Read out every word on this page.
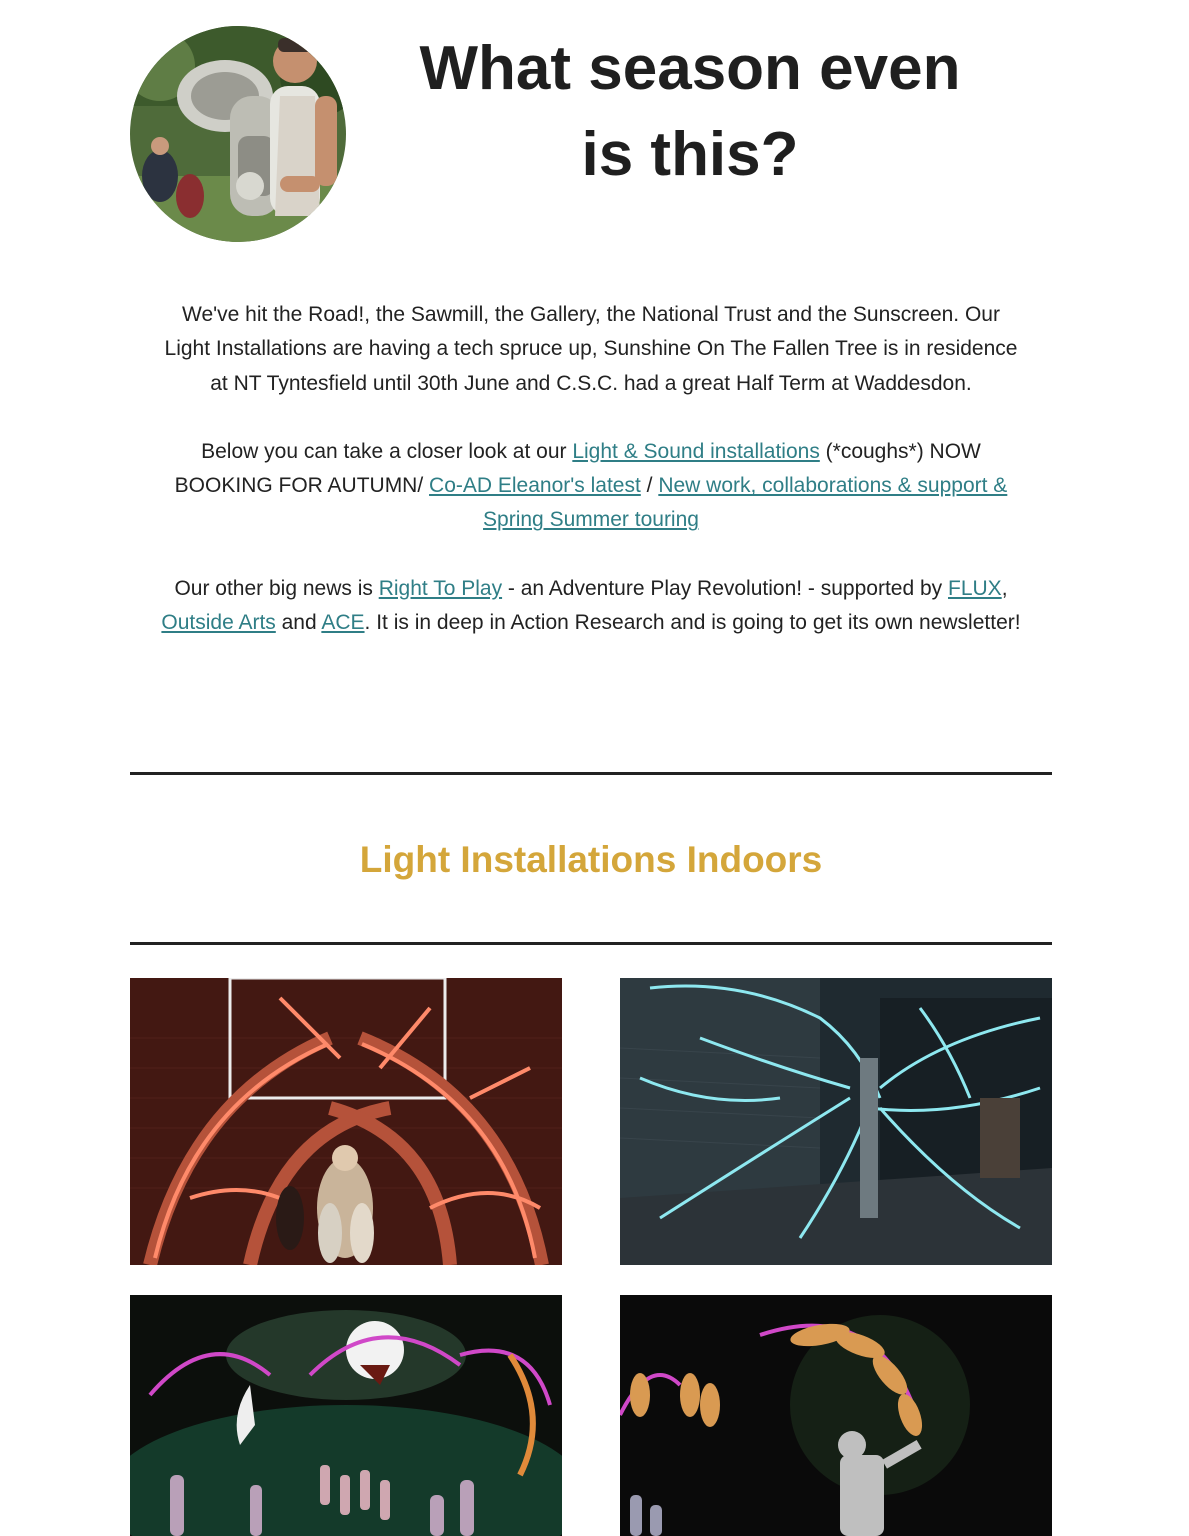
What season even
is this?

We've hit the Road!, the Sawmill, the Gallery, the National Trust and the Sunscreen. Our Light Installations are having a tech spruce up, Sunshine On The Fallen Tree is in residence at NT Tyntesfield until 30th June and C.S.C. had a great Half Term at Waddesdon.

Below you can take a closer look at our Light & Sound installations (*coughs*) NOW BOOKING FOR AUTUMN/ Co-AD Eleanor's latest / New work, collaborations & support & Spring Summer touring

Our other big news is Right To Play - an Adventure Play Revolution! - supported by FLUX, Outside Arts and ACE. It is in deep in Action Research and is going to get its own newsletter!

Light Installations Indoors
